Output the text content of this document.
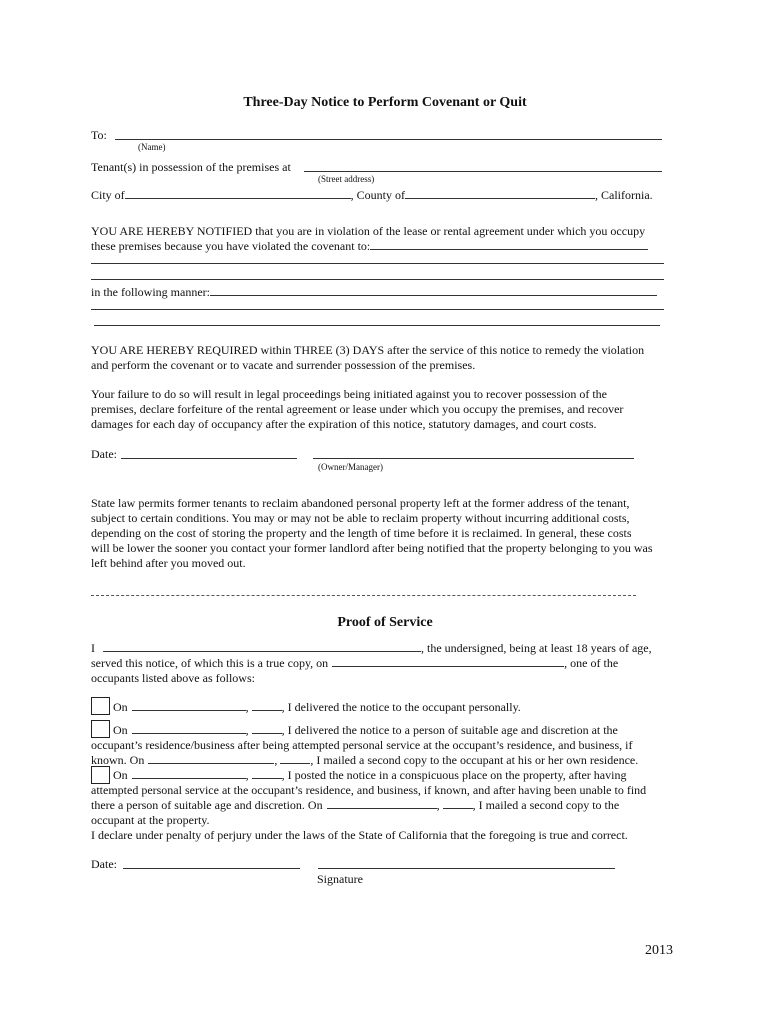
Three-Day Notice to Perform Covenant or Quit
To:
(Name)
Tenant(s) in possession of the premises at
(Street address)
City of	, County of	, California.
YOU ARE HEREBY NOTIFIED that you are in violation of the lease or rental agreement under which you occupy
these premises because you have violated the covenant to:
in the following manner:
YOU ARE HEREBY REQUIRED within THREE (3) DAYS after the service of this notice to remedy the violation
and perform the covenant or to vacate and surrender possession of the premises.
Your failure to do so will result in legal proceedings being initiated against you to recover possession of the
premises, declare forfeiture of the rental agreement or lease under which you occupy the premises, and recover
damages for each day of occupancy after the expiration of this notice, statutory damages, and court costs.
Date:
(Owner/Manager)
State law permits former tenants to reclaim abandoned personal property left at the former address of the tenant,
subject to certain conditions. You may or may not be able to reclaim property without incurring additional costs,
depending on the cost of storing the property and the length of time before it is reclaimed. In general, these costs
will be lower the sooner you contact your former landlord after being notified that the property belonging to you was
left behind after you moved out.
Proof of Service
I	, the undersigned, being at least 18 years of age,
served this notice, of which this is a true copy, on	, one of the
occupants listed above as follows:
On	,	, I delivered the notice to the occupant personally.
On	,	, I delivered the notice to a person of suitable age and discretion at the
occupant’s residence/business after being attempted personal service at the occupant’s residence, and business, if
known. On	,	, I mailed a second copy to the occupant at his or her own residence.
On	,	, I posted the notice in a conspicuous place on the property, after having
attempted personal service at the occupant’s residence, and business, if known, and after having been unable to find
there a person of suitable age and discretion. On	,	, I mailed a second copy to the
occupant at the property.
I declare under penalty of perjury under the laws of the State of California that the foregoing is true and correct.
Date:
Signature
2013
